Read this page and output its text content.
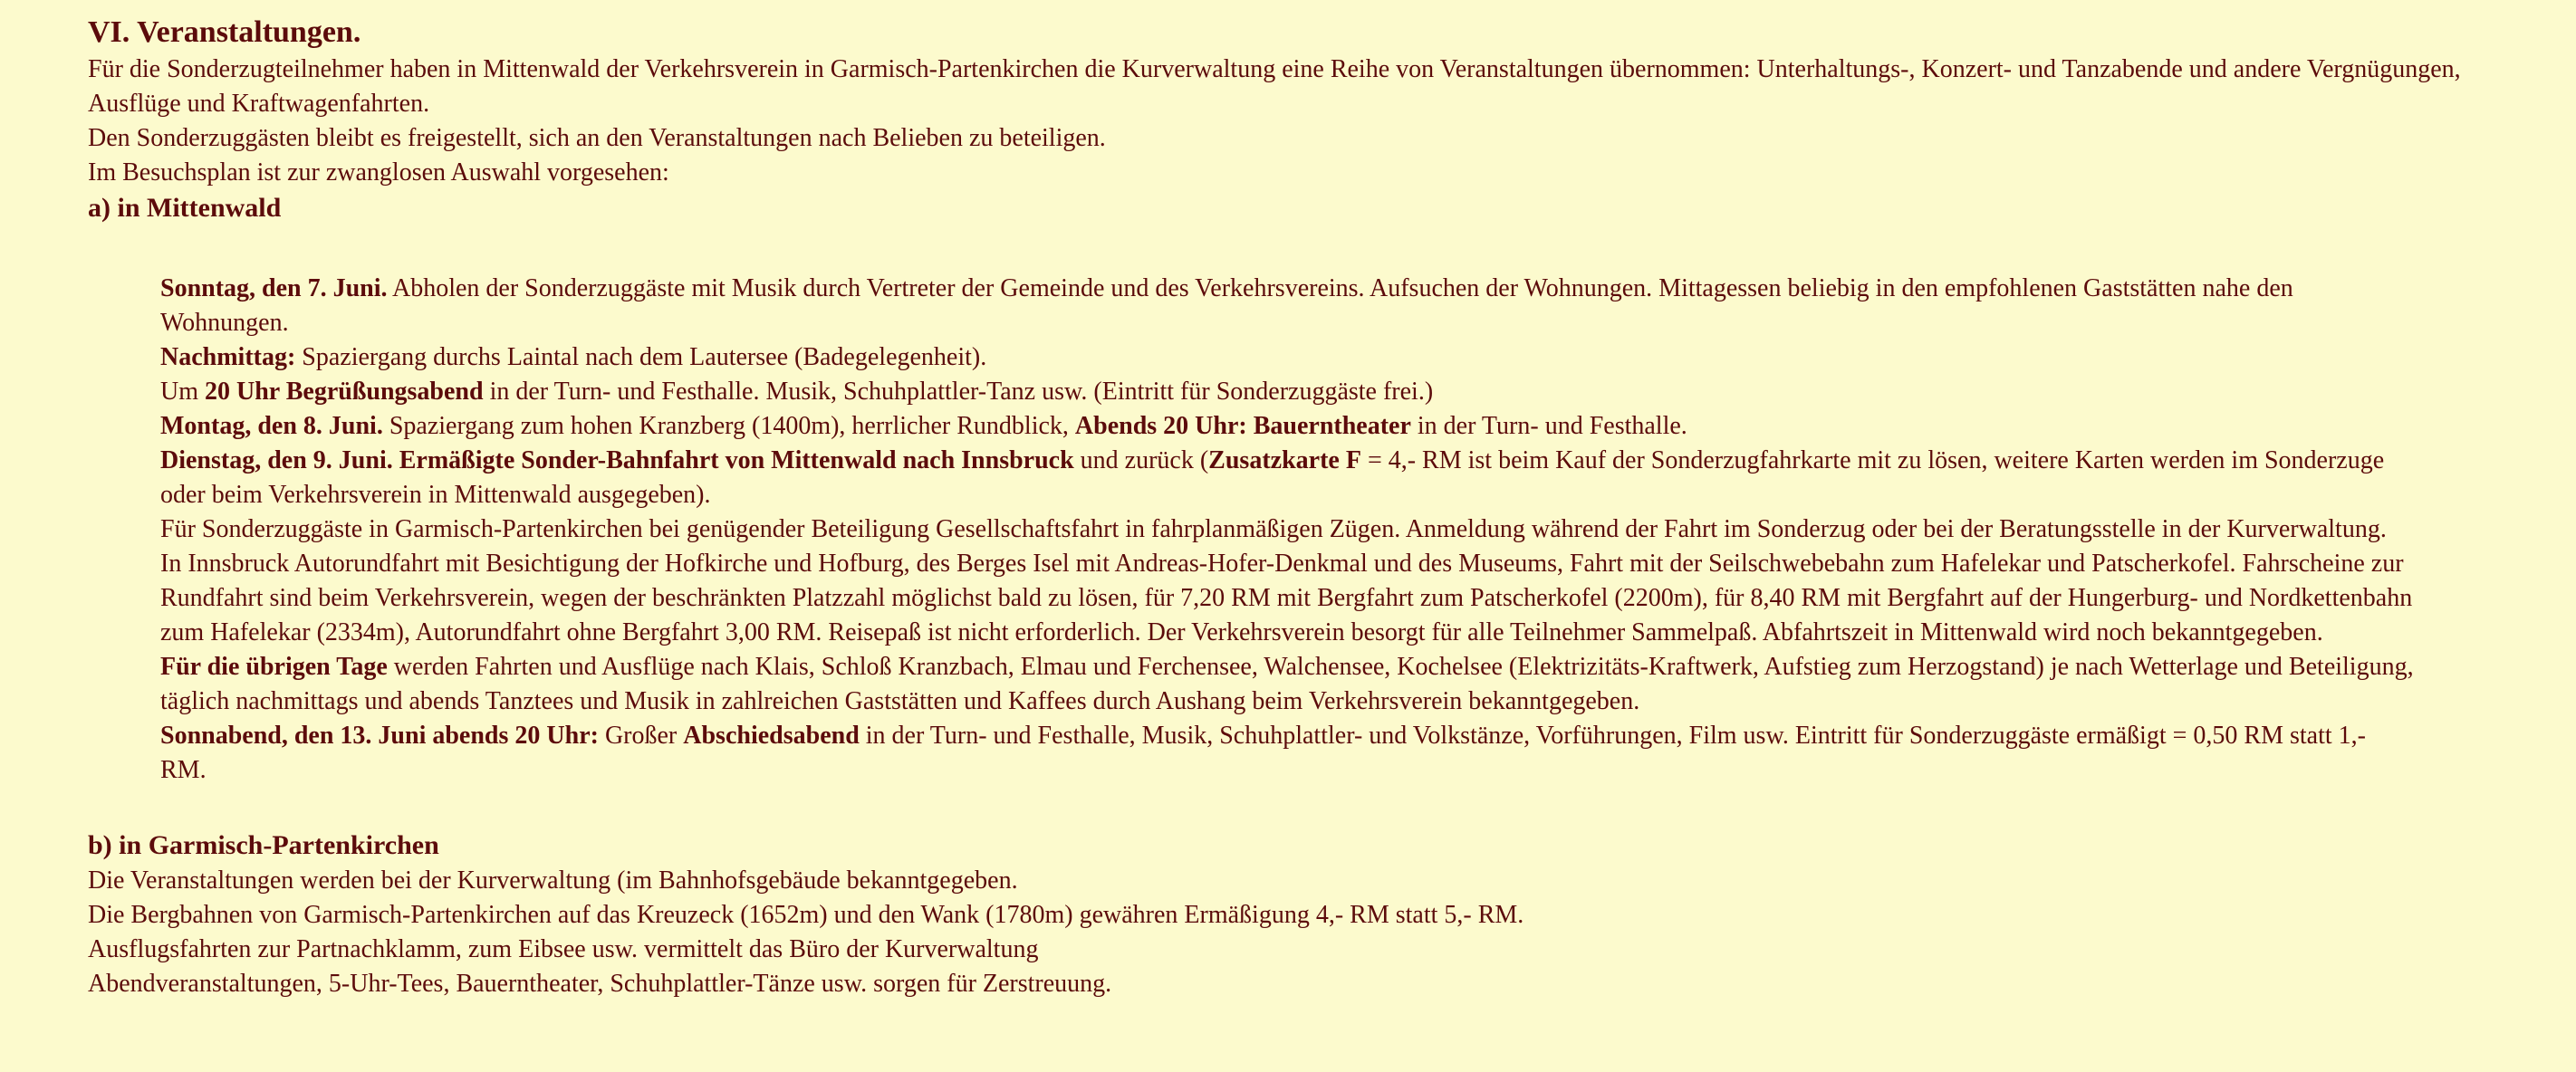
VI. Veranstaltungen.

Für die Sonderzugteilnehmer haben in Mittenwald der Verkehrsverein in Garmisch-Partenkirchen die Kurverwaltung eine Reihe von Veranstaltungen übernommen: Unterhaltungs-, Konzert- und Tanzabende und andere Vergnügungen, Ausflüge und Kraftwagenfahrten.

Den Sonderzuggästen bleibt es freigestellt, sich an den Veranstaltungen nach Belieben zu beteiligen.

Im Besuchsplan ist zur zwanglosen Auswahl vorgesehen:

a) in Mittenwald

Sonntag, den 7. Juni. Abholen der Sonderzuggäste mit Musik durch Vertreter der Gemeinde und des Verkehrsvereins. Aufsuchen der Wohnungen. Mittagessen beliebig in den empfohlenen Gaststätten nahe den Wohnungen.

Nachmittag: Spaziergang durchs Laintal nach dem Lautersee (Badegelegenheit).

Um 20 Uhr Begrüßungsabend in der Turn- und Festhalle. Musik, Schuhplattler-Tanz usw. (Eintritt für Sonderzuggäste frei.)

Montag, den 8. Juni. Spaziergang zum hohen Kranzberg (1400m), herrlicher Rundblick, Abends 20 Uhr: Bauerntheater in der Turn- und Festhalle.

Dienstag, den 9. Juni. Ermäßigte Sonder-Bahnfahrt von Mittenwald nach Innsbruck und zurück (Zusatzkarte F = 4,- RM ist beim Kauf der Sonderzugfahrkarte mit zu lösen, weitere Karten werden im Sonderzuge oder beim Verkehrsverein in Mittenwald ausgegeben).

Für Sonderzuggäste in Garmisch-Partenkirchen bei genügender Beteiligung Gesellschaftsfahrt in fahrplanmäßigen Zügen. Anmeldung während der Fahrt im Sonderzug oder bei der Beratungsstelle in der Kurverwaltung.

In Innsbruck Autorundfahrt mit Besichtigung der Hofkirche und Hofburg, des Berges Isel mit Andreas-Hofer-Denkmal und des Museums, Fahrt mit der Seilschwebebahn zum Hafelekar und Patscherkofel. Fahrscheine zur Rundfahrt sind beim Verkehrsverein, wegen der beschränkten Platzzahl möglichst bald zu lösen, für 7,20 RM mit Bergfahrt zum Patscherkofel (2200m), für 8,40 RM mit Bergfahrt auf der Hungerburg- und Nordkettenbahn zum Hafelekar (2334m), Autorundfahrt ohne Bergfahrt 3,00 RM. Reisepaß ist nicht erforderlich. Der Verkehrsverein besorgt für alle Teilnehmer Sammelpaß. Abfahrtszeit in Mittenwald wird noch bekanntgegeben.

Für die übrigen Tage werden Fahrten und Ausflüge nach Klais, Schloß Kranzbach, Elmau und Ferchensee, Walchensee, Kochelsee (Elektrizitäts-Kraftwerk, Aufstieg zum Herzogstand) je nach Wetterlage und Beteiligung, täglich nachmittags und abends Tanztees und Musik in zahlreichen Gaststätten und Kaffees durch Aushang beim Verkehrsverein bekanntgegeben.

Sonnabend, den 13. Juni abends 20 Uhr: Großer Abschiedsabend in der Turn- und Festhalle, Musik, Schuhplattler- und Volkstänze, Vorführungen, Film usw. Eintritt für Sonderzuggäste ermäßigt = 0,50 RM statt 1,- RM.

b) in Garmisch-Partenkirchen

Die Veranstaltungen werden bei der Kurverwaltung (im Bahnhofsgebäude bekanntgegeben.

Die Bergbahnen von Garmisch-Partenkirchen auf das Kreuzeck (1652m) und den Wank (1780m) gewähren Ermäßigung 4,- RM statt 5,- RM.

Ausflugsfahrten zur Partnachklamm, zum Eibsee usw. vermittelt das Büro der Kurverwaltung

Abendveranstaltungen, 5-Uhr-Tees, Bauerntheater, Schuhplattler-Tänze usw. sorgen für Zerstreuung.
